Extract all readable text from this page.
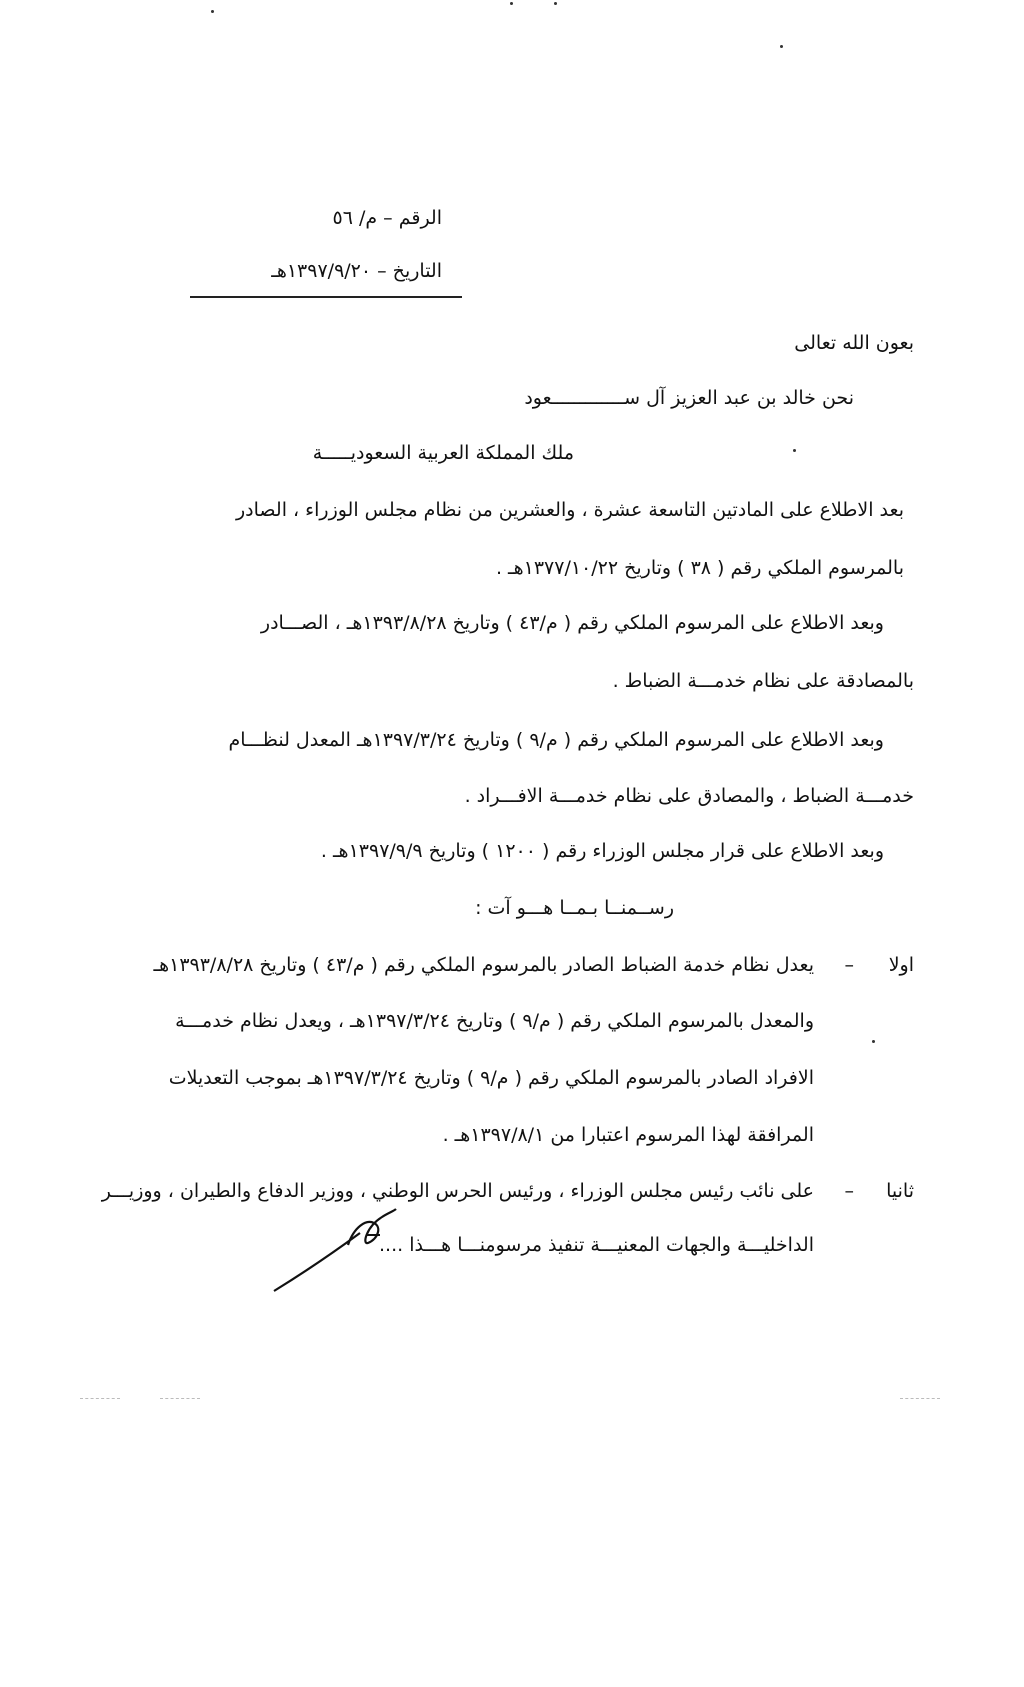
الرقم – م/ ٥٦
التاريخ – ١٣٩٧/٩/٢٠هـ
بعون الله تعالى
نحن خالد بن عبد العزيز آل ســـــــــــــعود
ملك المملكة العربية السعوديـــــة
بعد الاطلاع على المادتين التاسعة عشرة ، والعشرين من نظام مجلس الوزراء ، الصادر
بالمرسوم الملكي رقم ( ٣٨ ) وتاريخ ١٣٧٧/١٠/٢٢هـ .
وبعد الاطلاع على المرسوم الملكي رقم ( م/٤٣ ) وتاريخ ١٣٩٣/٨/٢٨هـ ، الصـــادر
بالمصادقة على نظام خدمـــة الضباط .
وبعد الاطلاع على المرسوم الملكي رقم ( م/٩ ) وتاريخ ١٣٩٧/٣/٢٤هـ المعدل لنظـــام
خدمـــة الضباط ، والمصادق على نظام خدمـــة الافـــراد .
وبعد الاطلاع على قرار مجلس الوزراء رقم ( ١٢٠٠ ) وتاريخ ١٣٩٧/٩/٩هـ .
رســمنــا بـمــا هـــو آت :
اولا
–
يعدل نظام خدمة الضباط الصادر بالمرسوم الملكي رقم ( م/٤٣ ) وتاريخ ١٣٩٣/٨/٢٨هـ
والمعدل بالمرسوم الملكي رقم ( م/٩ ) وتاريخ ١٣٩٧/٣/٢٤هـ ، ويعدل نظام خدمـــة
الافراد الصادر بالمرسوم الملكي رقم ( م/٩ ) وتاريخ ١٣٩٧/٣/٢٤هـ بموجب التعديلات
المرافقة لهذا المرسوم اعتبارا من ١٣٩٧/٨/١هـ .
ثانيا
–
على نائب رئيس مجلس الوزراء ، ورئيس الحرس الوطني ، ووزير الدفاع والطيران ، ووزيـــر
الداخليـــة والجهات المعنيـــة تنفيذ مرسومنـــا هـــذا ....
